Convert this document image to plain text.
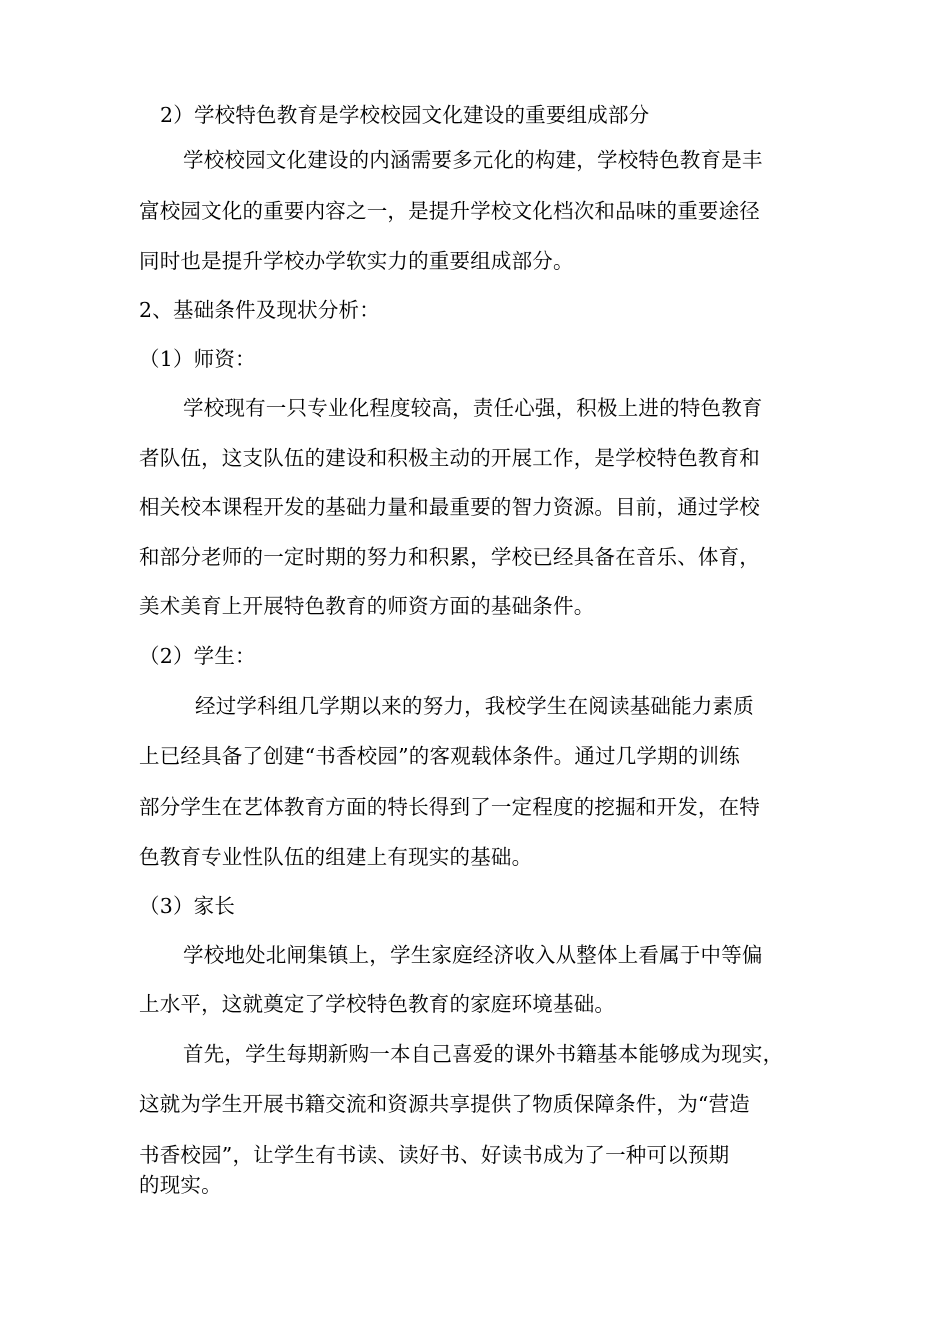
2）学校特色教育是学校校园文化建设的重要组成部分
学校校园文化建设的内涵需要多元化的构建，学校特色教育是丰
富校园文化的重要内容之一，是提升学校文化档次和品味的重要途径
同时也是提升学校办学软实力的重要组成部分。
2、基础条件及现状分析：
（1）师资：
学校现有一只专业化程度较高，责任心强，积极上进的特色教育
者队伍，这支队伍的建设和积极主动的开展工作，是学校特色教育和
相关校本课程开发的基础力量和最重要的智力资源。目前，通过学校
和部分老师的一定时期的努力和积累，学校已经具备在音乐、体育，
美术美育上开展特色教育的师资方面的基础条件。
（2）学生：
经过学科组几学期以来的努力，我校学生在阅读基础能力素质
上已经具备了创建“书香校园”的客观载体条件。通过几学期的训练
部分学生在艺体教育方面的特长得到了一定程度的挖掘和开发，在特
色教育专业性队伍的组建上有现实的基础。
（3）家长
学校地处北闸集镇上，学生家庭经济收入从整体上看属于中等偏
上水平，这就奠定了学校特色教育的家庭环境基础。
首先，学生每期新购一本自己喜爱的课外书籍基本能够成为现实，
这就为学生开展书籍交流和资源共享提供了物质保障条件，为“营造
书香校园”，让学生有书读、读好书、好读书成为了一种可以预期
的现实。
